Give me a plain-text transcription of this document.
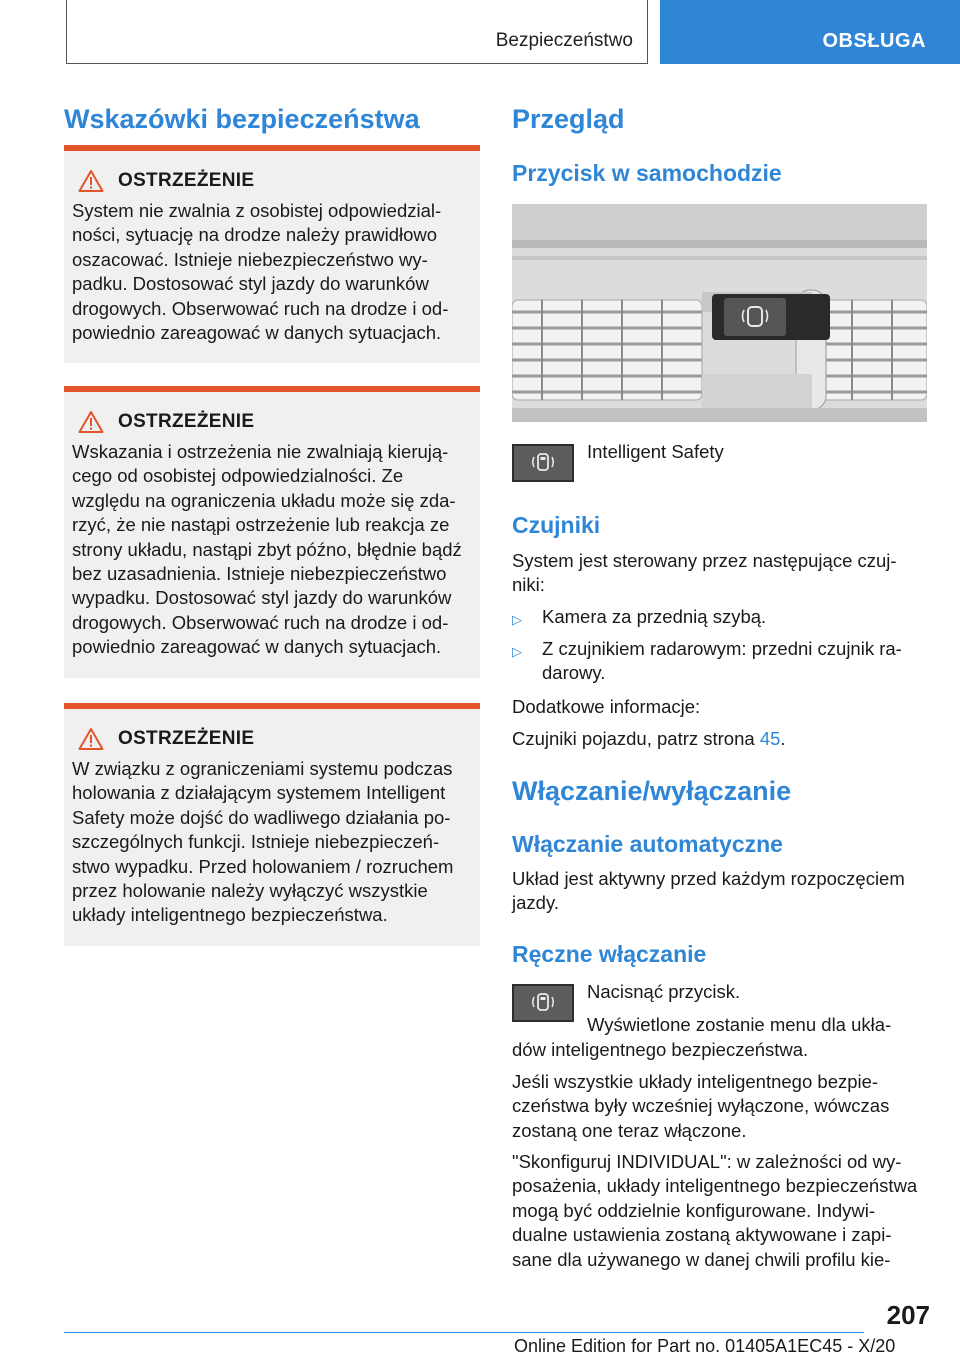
Bezpieczeństwo	OBSŁUGA
Wskazówki bezpieczeństwa
OSTRZEŻENIE

System nie zwalnia z osobistej odpowiedzial-
ności, sytuację na drodze należy prawidłowo
oszacować. Istnieje niebezpieczeństwo wy-
padku. Dostosować styl jazdy do warunków
drogowych. Obserwować ruch na drodze i od-
powiednio zareagować w danych sytuacjach.

OSTRZEŻENIE

Wskazania i ostrzeżenia nie zwalniają kierują-
cego od osobistej odpowiedzialności. Ze
względu na ograniczenia układu może się zda-
rzyć, że nie nastąpi ostrzeżenie lub reakcja ze
strony układu, nastąpi zbyt późno, błędnie bądź
bez uzasadnienia. Istnieje niebezpieczeństwo
wypadku. Dostosować styl jazdy do warunków
drogowych. Obserwować ruch na drodze i od-
powiednio zareagować w danych sytuacjach.

OSTRZEŻENIE

W związku z ograniczeniami systemu podczas
holowania z działającym systemem Intelligent
Safety może dojść do wadliwego działania po-
szczególnych funkcji. Istnieje niebezpieczeń-
stwo wypadku. Przed holowaniem / rozruchem
przez holowanie należy wyłączyć wszystkie
układy inteligentnego bezpieczeństwa.

Przegląd
Przycisk w samochodzie

Intelligent Safety

Czujniki

System jest sterowany przez następujące czuj-
niki:

▷	Kamera za przednią szybą.
▷	Z czujnikiem radarowym: przedni czujnik ra-
darowy.

Dodatkowe informacje:

Czujniki pojazdu, patrz strona 45.

Włączanie/wyłączanie
Włączanie automatyczne

Układ jest aktywny przed każdym rozpoczęciem
jazdy.

Ręczne włączanie

Nacisnąć przycisk.

Wyświetlone zostanie menu dla ukła-

dów inteligentnego bezpieczeństwa.

Jeśli wszystkie układy inteligentnego bezpie-
czeństwa były wcześniej wyłączone, wówczas
zostaną one teraz włączone.

"Skonfiguruj INDIVIDUAL": w zależności od wy-
posażenia, układy inteligentnego bezpieczeństwa
mogą być oddzielnie konfigurowane. Indywi-
dualne ustawienia zostaną aktywowane i zapi-
sane dla używanego w danej chwili profilu kie-

207
Online Edition for Part no. 01405A1EC45 - X/20
